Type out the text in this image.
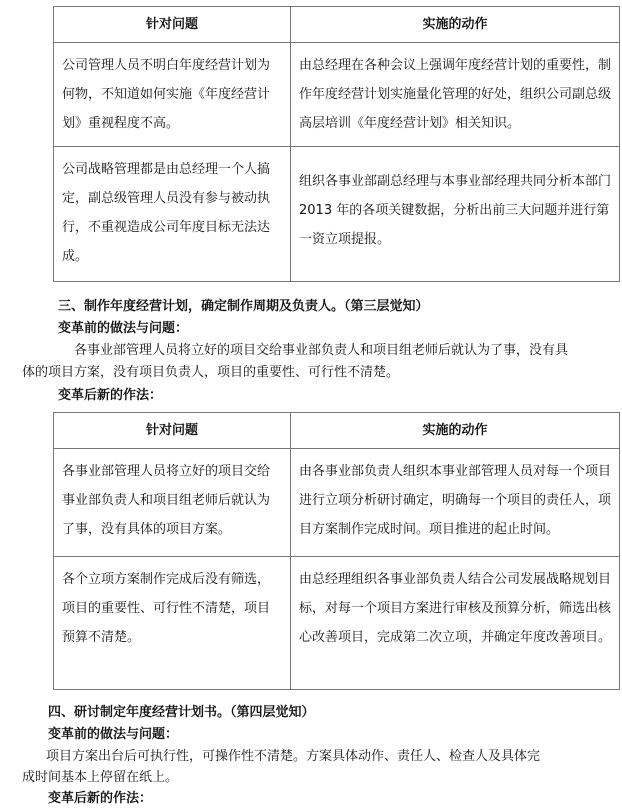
针对问题	实施的动作
公司管理人员不明白年度经营计划为何物，不知道如何实施《年度经营计划》重视程度不高。	由总经理在各种会议上强调年度经营计划的重要性，制作年度经营计划实施量化管理的好处，组织公司副总级高层培训《年度经营计划》相关知识。
公司战略管理都是由总经理一个人搞定，副总级管理人员没有参与被动执行，不重视造成公司年度目标无法达成。	组织各事业部副总经理与本事业部经理共同分析本部门 2013 年的各项关键数据，分析出前三大问题并进行第一资立项提报。
三、制作年度经营计划，确定制作周期及负责人。（第三层觉知）
变革前的做法与问题：
各事业部管理人员将立好的项目交给事业部负责人和项目组老师后就认为了事，没有具
体的项目方案，没有项目负责人，项目的重要性、可行性不清楚。
变革后新的作法：
针对问题	实施的动作
各事业部管理人员将立好的项目交给事业部负责人和项目组老师后就认为了事，没有具体的项目方案。	由各事业部负责人组织本事业部管理人员对每一个项目进行立项分析研讨确定，明确每一个项目的责任人，项目方案制作完成时间。项目推进的起止时间。
各个立项方案制作完成后没有筛选，项目的重要性、可行性不清楚，项目预算不清楚。	由总经理组织各事业部负责人结合公司发展战略规划目标，对每一个项目方案进行审核及预算分析，筛选出核心改善项目，完成第二次立项，并确定年度改善项目。
四、研讨制定年度经营计划书。（第四层觉知）
变革前的做法与问题：
项目方案出台后可执行性，可操作性不清楚。方案具体动作、责任人、检查人及具体完
成时间基本上停留在纸上。
变革后新的作法：
